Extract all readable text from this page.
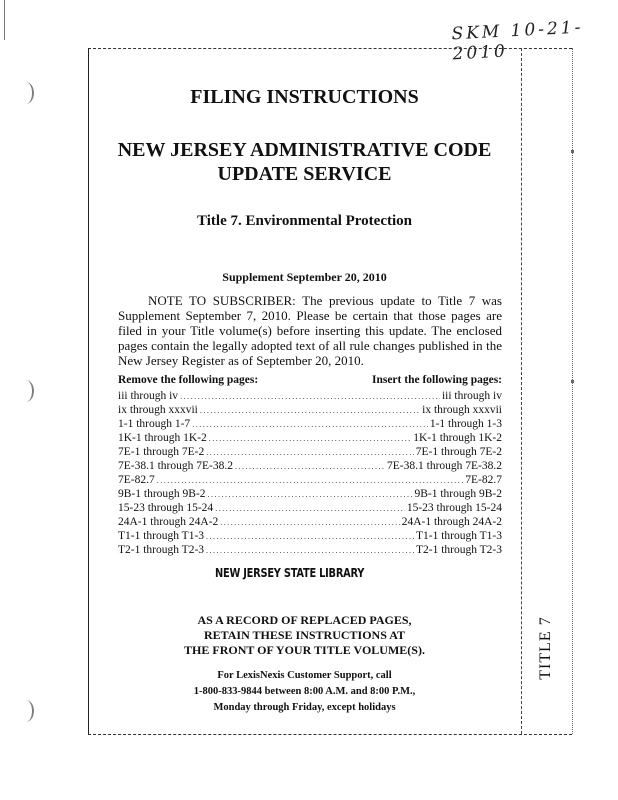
SKM 10-21-2010
FILING INSTRUCTIONS
NEW JERSEY ADMINISTRATIVE CODE
UPDATE SERVICE
Title 7. Environmental Protection
Supplement September 20, 2010
NOTE TO SUBSCRIBER: The previous update to Title 7 was Supplement September 7, 2010. Please be certain that those pages are filed in your Title volume(s) before inserting this update. The enclosed pages contain the legally adopted text of all rule changes published in the New Jersey Register as of September 20, 2010.
Remove the following pages:	Insert the following pages:
iii through iv .....	iii through iv
ix through xxxvii .....	ix through xxxvii
1-1 through 1-7 .....	1-1 through 1-3
1K-1 through 1K-2 .....	1K-1 through 1K-2
7E-1 through 7E-2 .....	7E-1 through 7E-2
7E-38.1 through 7E-38.2 .....	7E-38.1 through 7E-38.2
7E-82.7 .....	7E-82.7
9B-1 through 9B-2 .....	9B-1 through 9B-2
15-23 through 15-24 .....	15-23 through 15-24
24A-1 through 24A-2 .....	24A-1 through 24A-2
T1-1 through T1-3 .....	T1-1 through T1-3
T2-1 through T2-3 .....	T2-1 through T2-3
NEW JERSEY STATE LIBRARY
AS A RECORD OF REPLACED PAGES,
RETAIN THESE INSTRUCTIONS AT
THE FRONT OF YOUR TITLE VOLUME(S).
For LexisNexis Customer Support, call
1-800-833-9844 between 8:00 A.M. and 8:00 P.M.,
Monday through Friday, except holidays
TITLE 7
